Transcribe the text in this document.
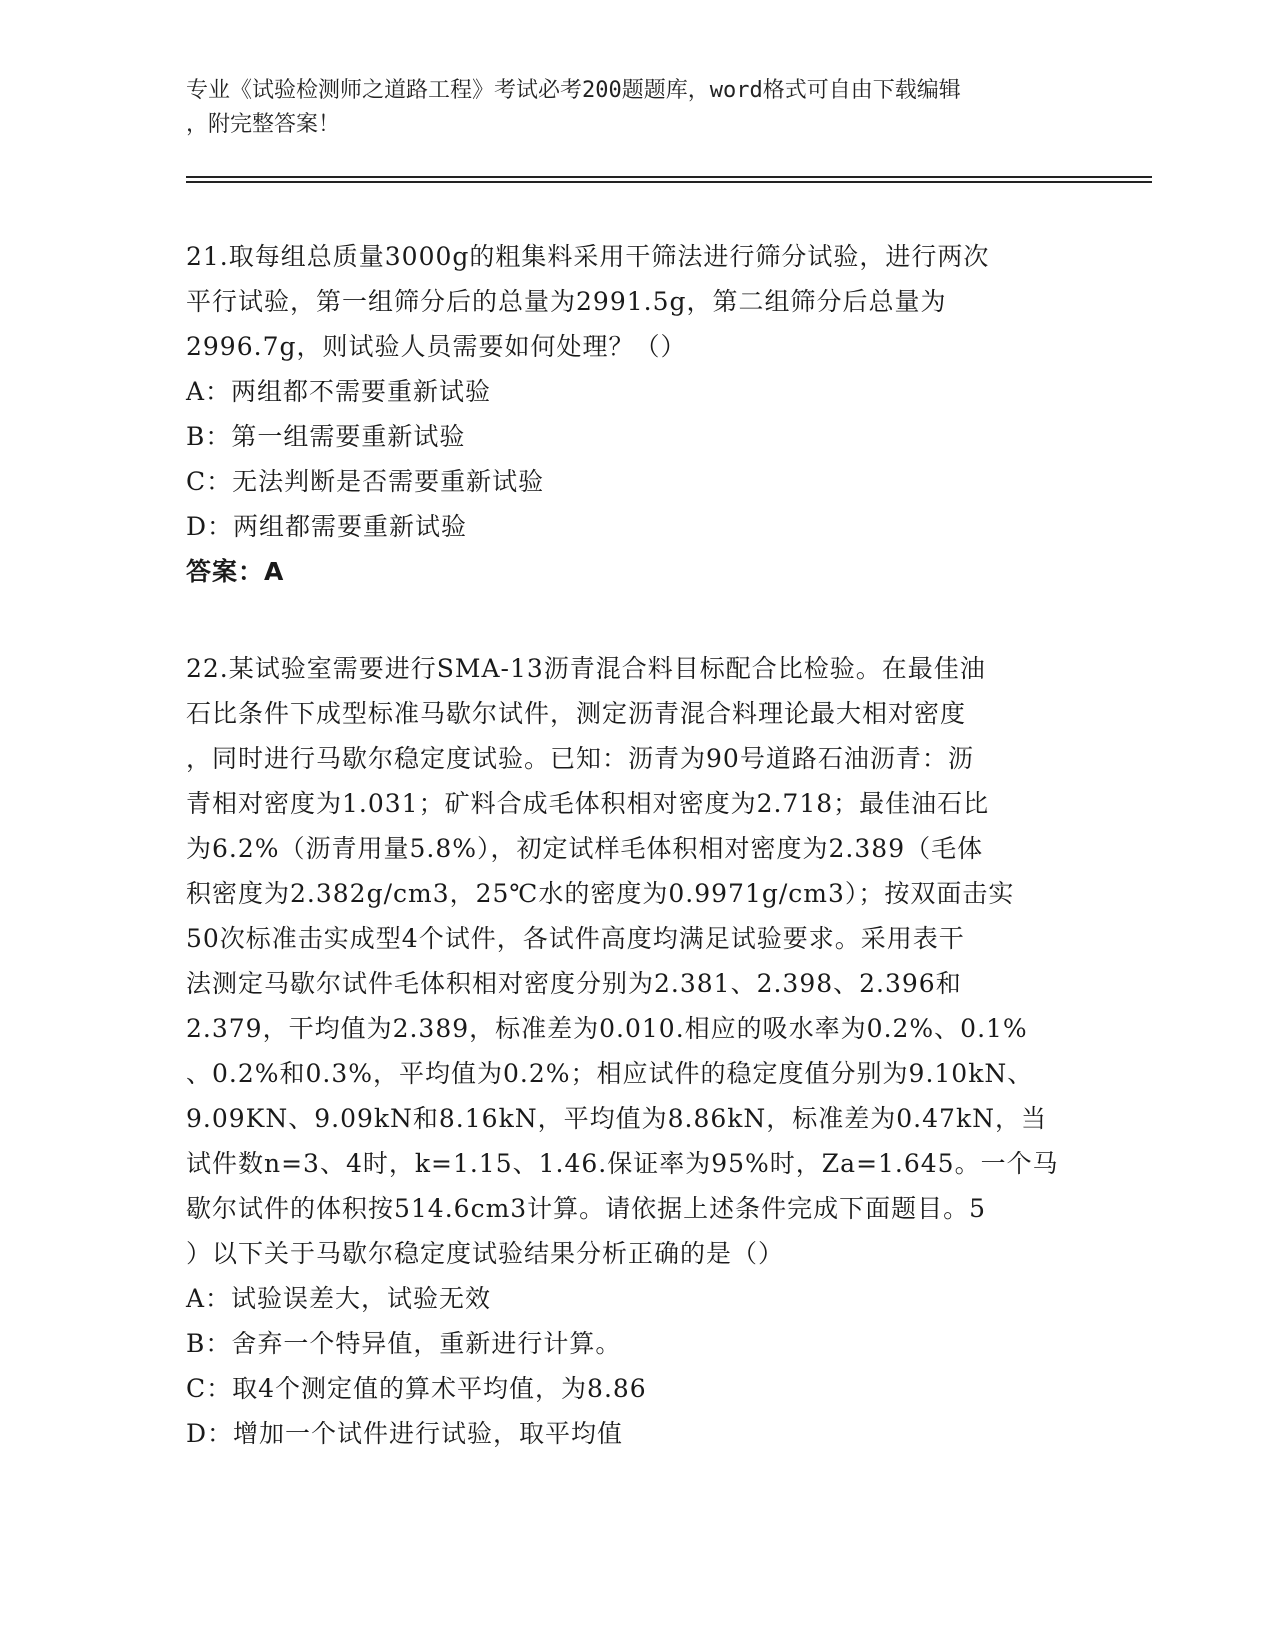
专业《试验检测师之道路工程》考试必考200题题库，word格式可自由下载编辑
，附完整答案！
21.取每组总质量3000g的粗集料采用干筛法进行筛分试验，进行两次
平行试验，第一组筛分后的总量为2991.5g，第二组筛分后总量为
2996.7g，则试验人员需要如何处理？（）
A：两组都不需要重新试验
B：第一组需要重新试验
C：无法判断是否需要重新试验
D：两组都需要重新试验
答案：A
22.某试验室需要进行SMA-13沥青混合料目标配合比检验。在最佳油
石比条件下成型标准马歇尔试件，测定沥青混合料理论最大相对密度
，同时进行马歇尔稳定度试验。已知：沥青为90号道路石油沥青：沥
青相对密度为1.031；矿料合成毛体积相对密度为2.718；最佳油石比
为6.2%（沥青用量5.8%），初定试样毛体积相对密度为2.389（毛体
积密度为2.382g/cm3，25℃水的密度为0.9971g/cm3）；按双面击实
50次标准击实成型4个试件，各试件高度均满足试验要求。采用表干
法测定马歇尔试件毛体积相对密度分别为2.381、2.398、2.396和
2.379，干均值为2.389，标准差为0.010.相应的吸水率为0.2%、0.1%
、0.2%和0.3%，平均值为0.2%；相应试件的稳定度值分别为9.10kN、
9.09KN、9.09kN和8.16kN，平均值为8.86kN，标准差为0.47kN，当
试件数n=3、4时，k=1.15、1.46.保证率为95%时，Za=1.645。一个马
歇尔试件的体积按514.6cm3计算。请依据上述条件完成下面题目。5
）以下关于马歇尔稳定度试验结果分析正确的是（）
A：试验误差大，试验无效
B：舍弃一个特异值，重新进行计算。
C：取4个测定值的算术平均值，为8.86
D：增加一个试件进行试验，取平均值
